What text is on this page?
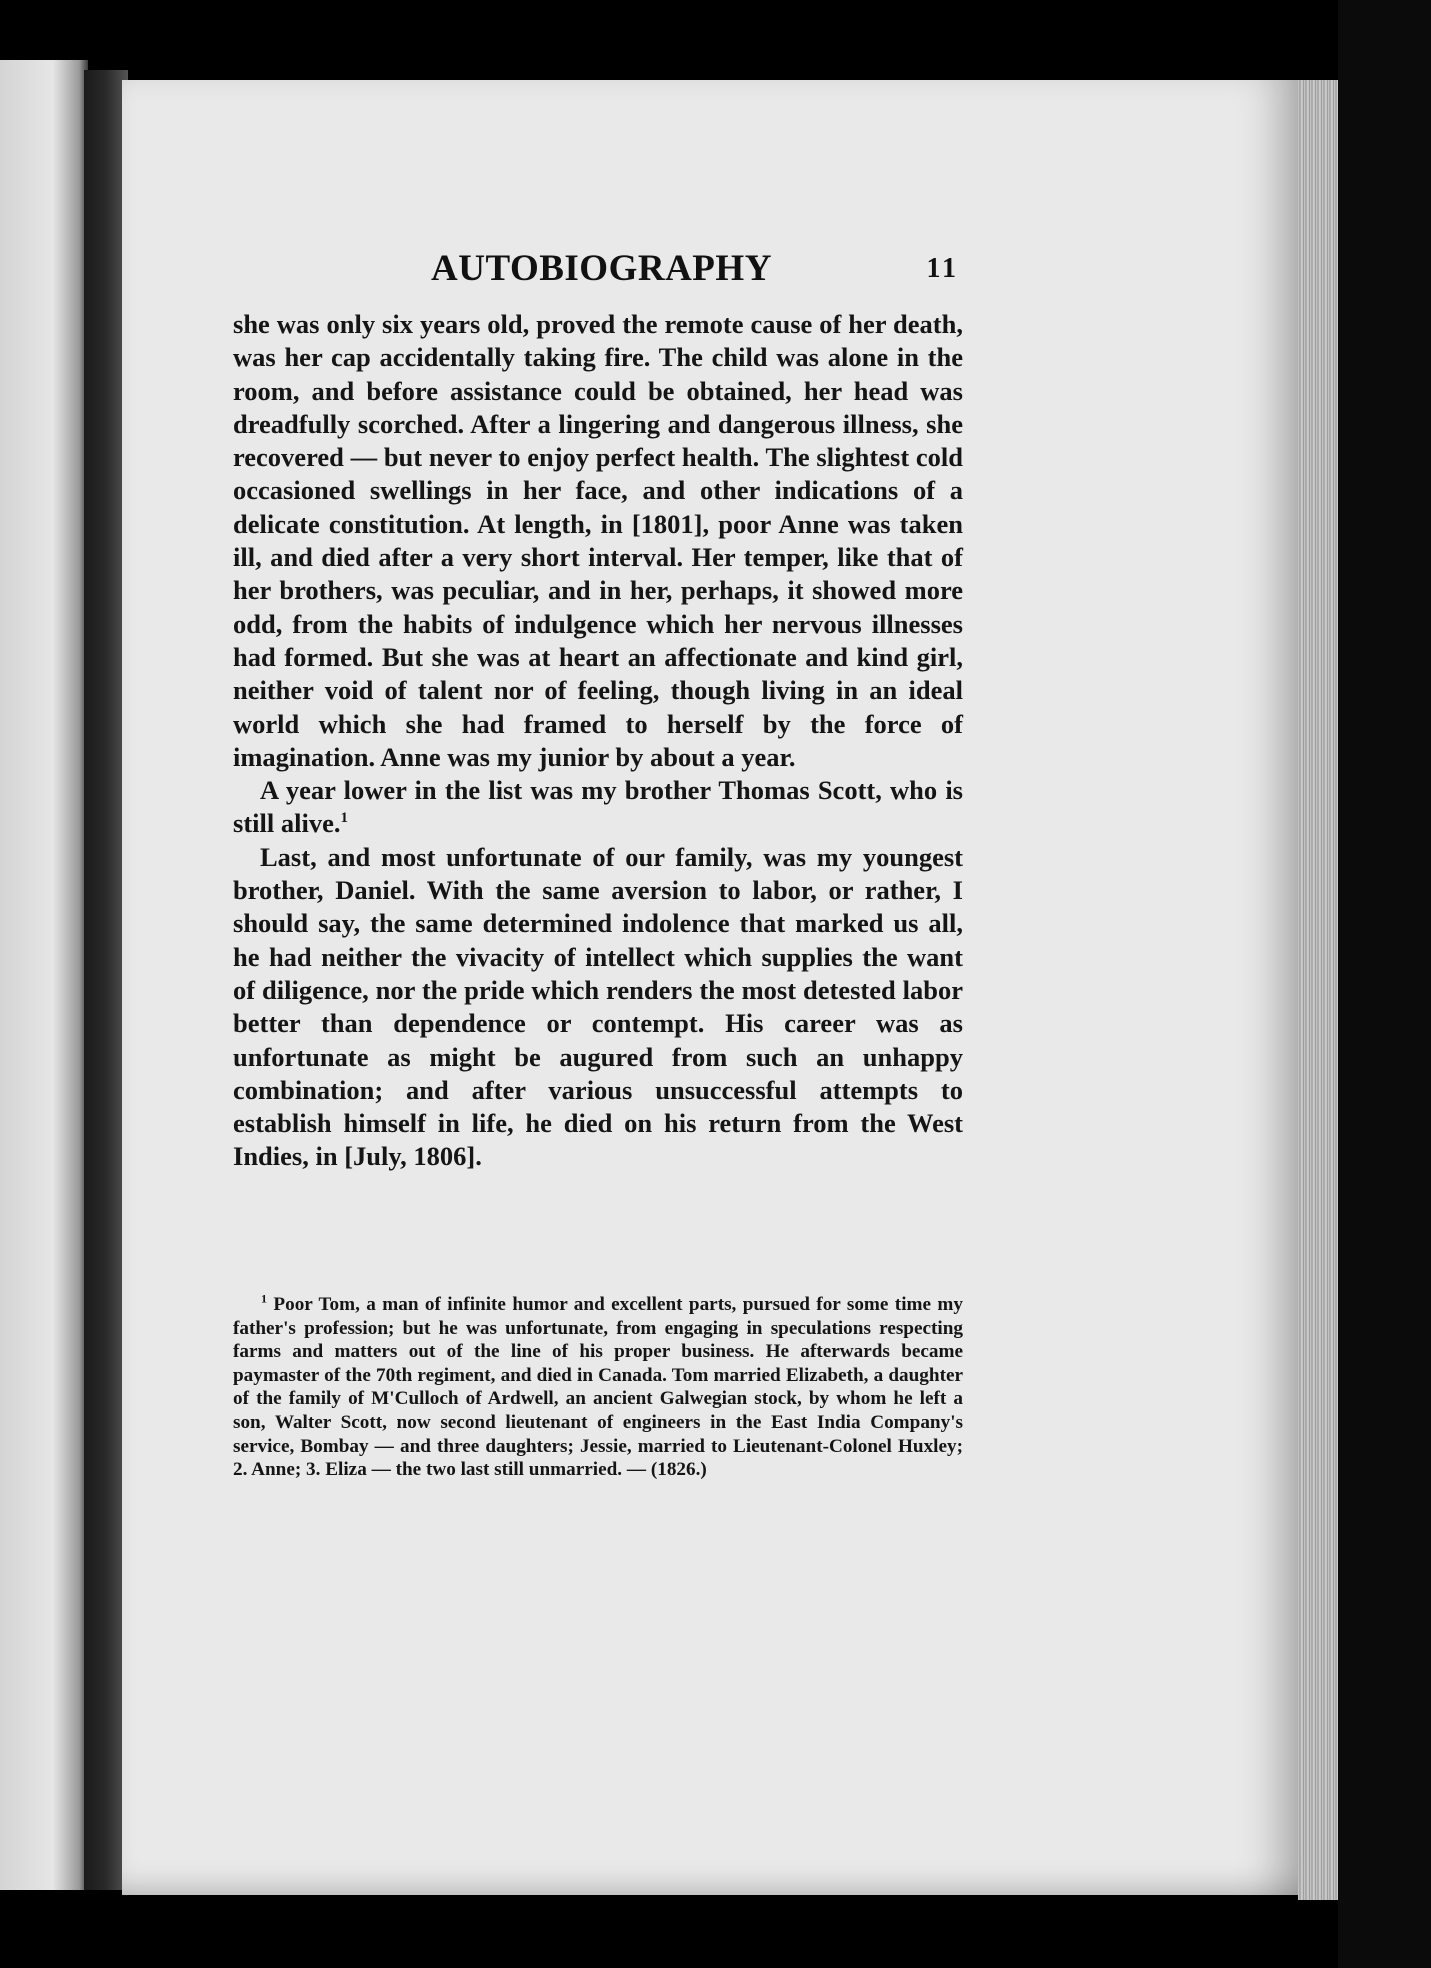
AUTOBIOGRAPHY	11

she was only six years old, proved the remote cause of her death, was her cap accidentally taking fire. The child was alone in the room, and before assistance could be obtained, her head was dreadfully scorched. After a lingering and dangerous illness, she recovered — but never to enjoy perfect health. The slightest cold occasioned swellings in her face, and other indications of a delicate constitution. At length, in [1801], poor Anne was taken ill, and died after a very short interval. Her temper, like that of her brothers, was peculiar, and in her, perhaps, it showed more odd, from the habits of indulgence which her nervous illnesses had formed. But she was at heart an affectionate and kind girl, neither void of talent nor of feeling, though living in an ideal world which she had framed to herself by the force of imagination. Anne was my junior by about a year.

A year lower in the list was my brother Thomas Scott, who is still alive.$^1$

Last, and most unfortunate of our family, was my youngest brother, Daniel. With the same aversion to labor, or rather, I should say, the same determined indolence that marked us all, he had neither the vivacity of intellect which supplies the want of diligence, nor the pride which renders the most detested labor better than dependence or contempt. His career was as unfortunate as might be augured from such an unhappy combination; and after various unsuccessful attempts to establish himself in life, he died on his return from the West Indies, in [July, 1806].

$^1$ Poor Tom, a man of infinite humor and excellent parts, pursued for some time my father's profession; but he was unfortunate, from engaging in speculations respecting farms and matters out of the line of his proper business. He afterwards became paymaster of the 70th regiment, and died in Canada. Tom married Elizabeth, a daughter of the family of M'Culloch of Ardwell, an ancient Galwegian stock, by whom he left a son, Walter Scott, now second lieutenant of engineers in the East India Company's service, Bombay — and three daughters; Jessie, married to Lieutenant-Colonel Huxley; 2. Anne; 3. Eliza — the two last still unmarried. — (1826.)
